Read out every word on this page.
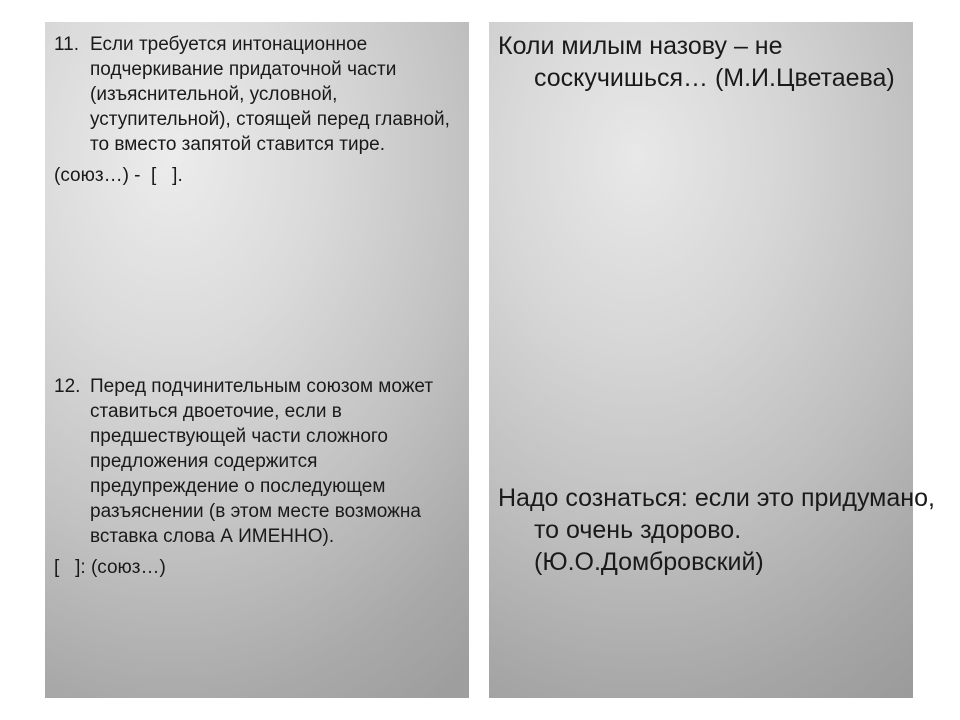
11. Если требуется интонационное подчеркивание придаточной части (изъяснительной, условной, уступительной), стоящей перед главной, то вместо запятой ставится тире.
(союз…) -  [   ].
12. Перед подчинительным союзом может ставиться двоеточие, если в предшествующей части сложного предложения содержится предупреждение о последующем разъяснении (в этом месте возможна вставка слова А ИМЕННО).
[   ]: (союз…)
Коли милым назову – не соскучишься… (М.И.Цветаева)
Надо сознаться: если это придумано, то очень здорово. (Ю.О.Домбровский)
